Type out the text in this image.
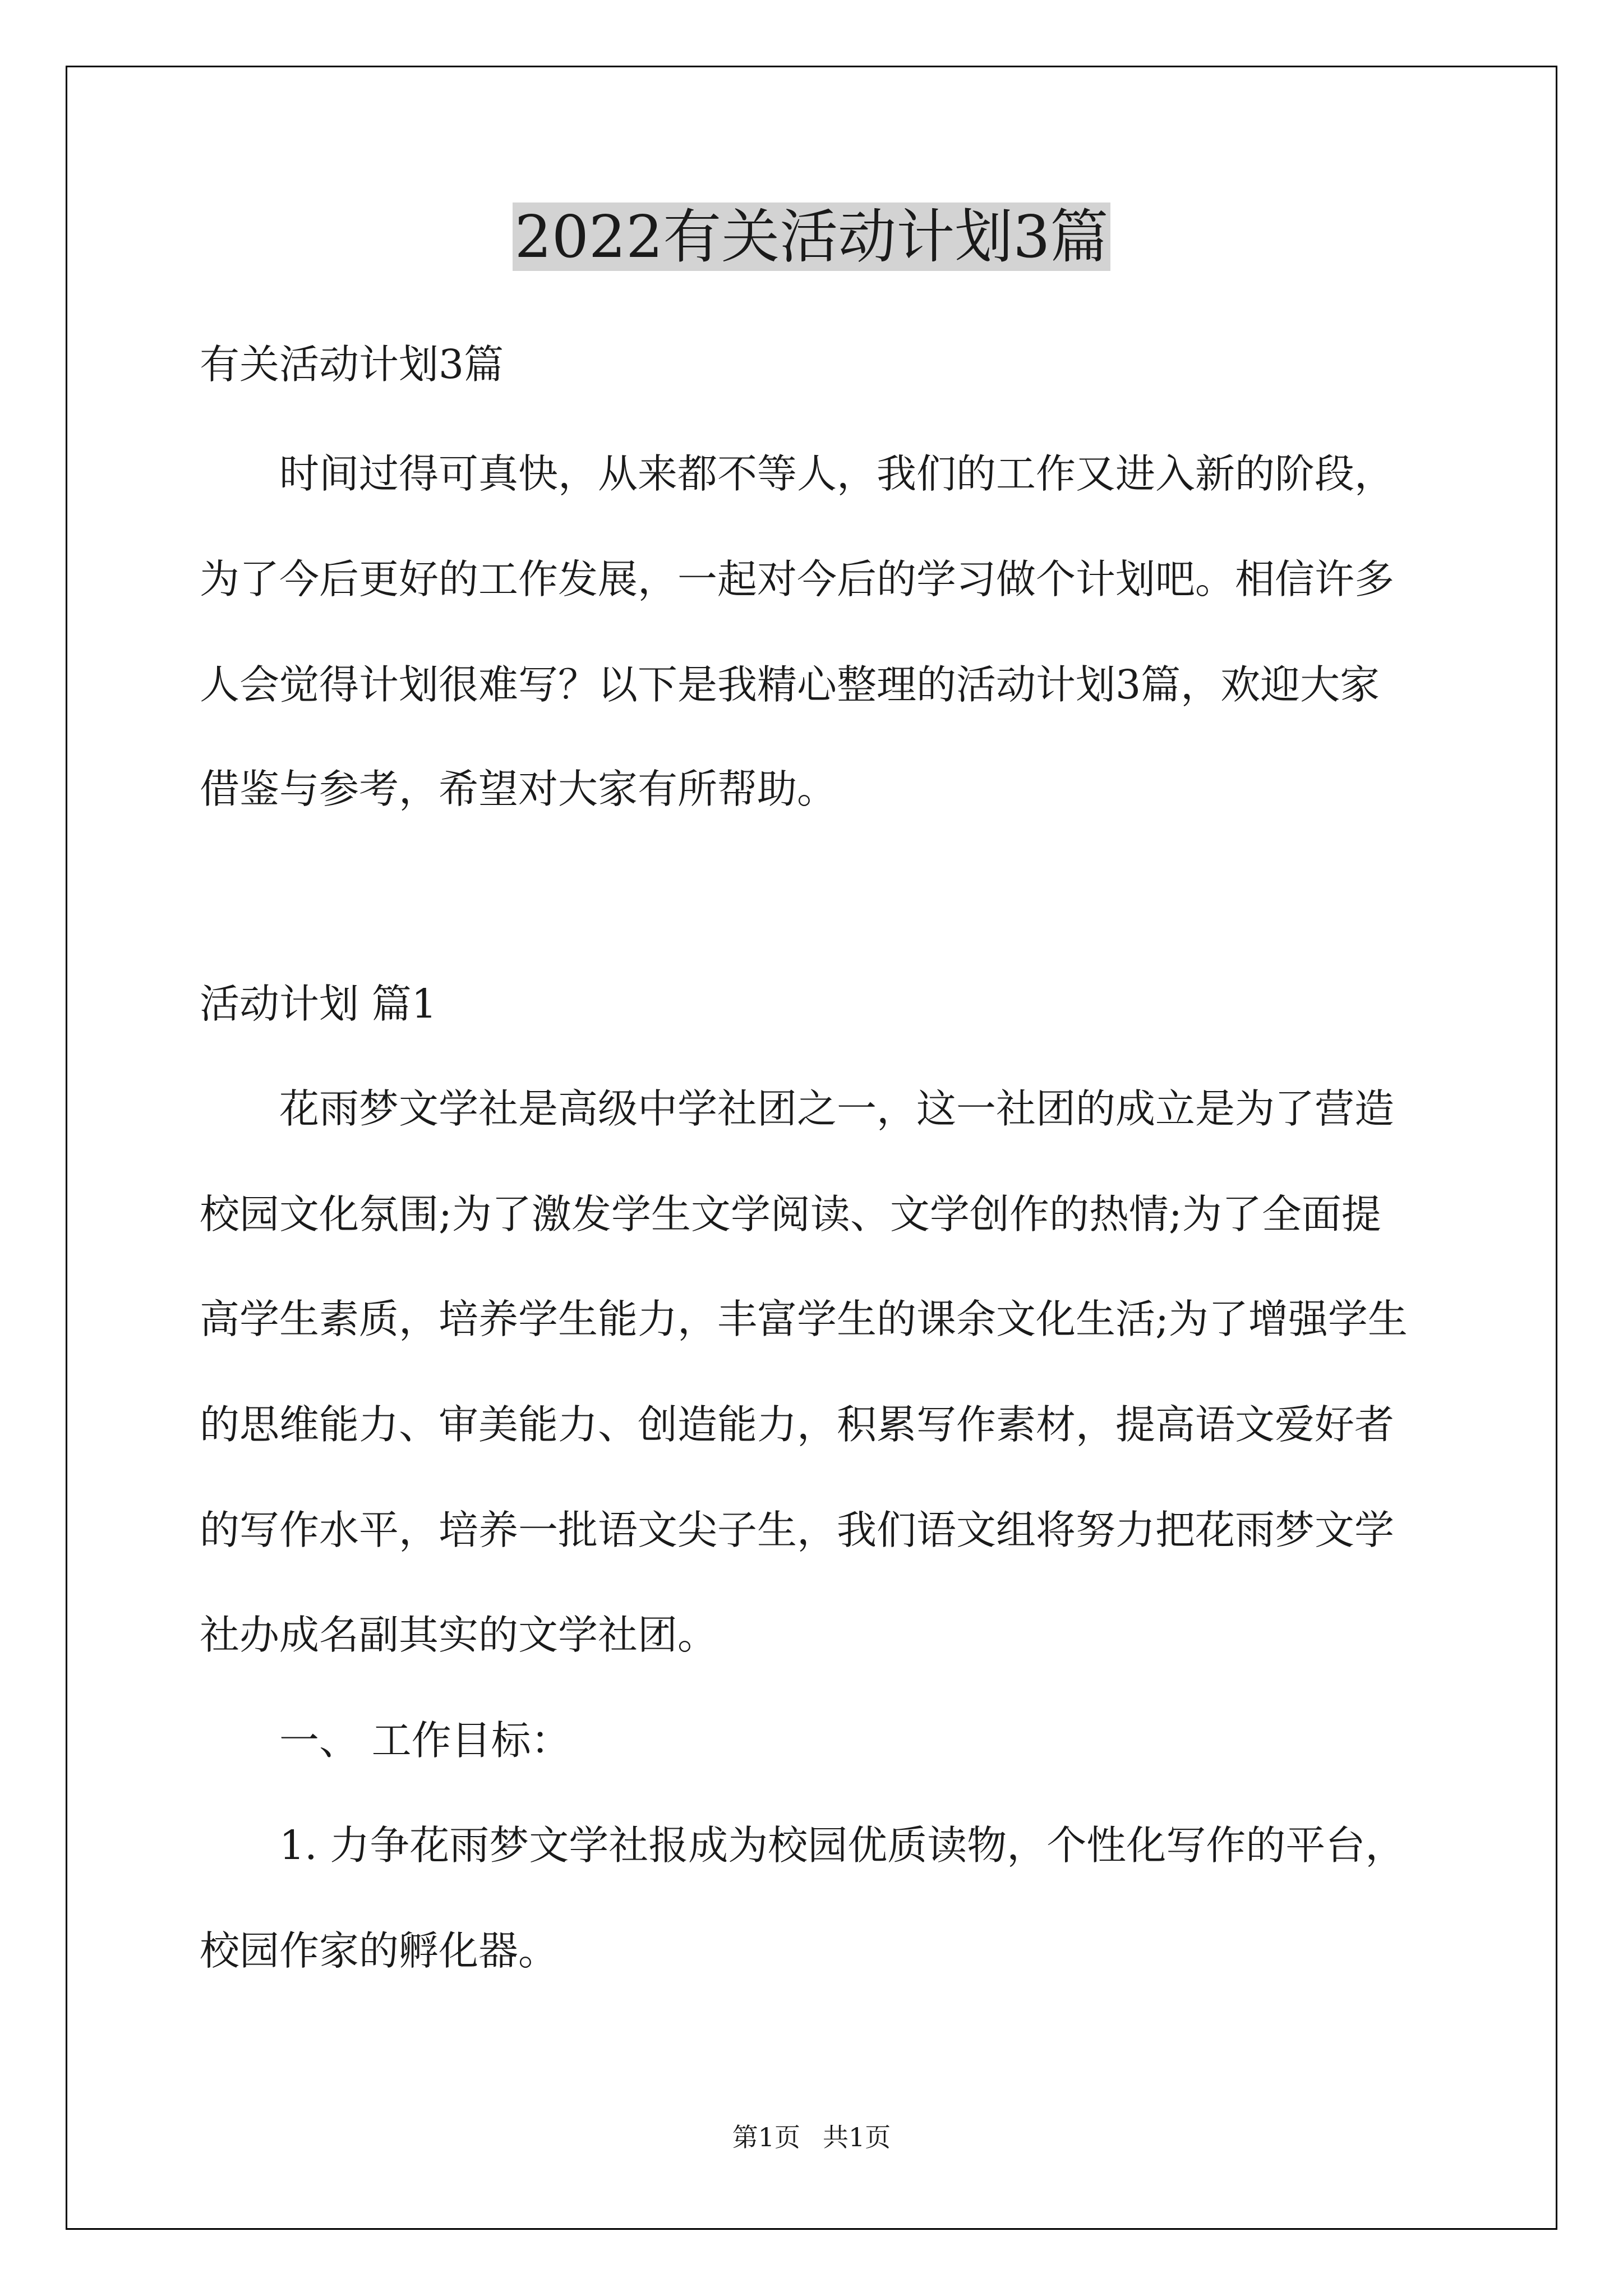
2022有关活动计划3篇

有关活动计划3篇

　　时间过得可真快，从来都不等人，我们的工作又进入新的阶段，

为了今后更好的工作发展，一起对今后的学习做个计划吧。相信许多

人会觉得计划很难写？以下是我精心整理的活动计划3篇，欢迎大家

借鉴与参考，希望对大家有所帮助。

活动计划 篇1

　　花雨梦文学社是高级中学社团之一，这一社团的成立是为了营造

校园文化氛围;为了激发学生文学阅读、文学创作的热情;为了全面提

高学生素质，培养学生能力，丰富学生的课余文化生活;为了增强学生

的思维能力、审美能力、创造能力，积累写作素材，提高语文爱好者

的写作水平，培养一批语文尖子生，我们语文组将努力把花雨梦文学

社办成名副其实的文学社团。

　　一、 工作目标：

　　1. 力争花雨梦文学社报成为校园优质读物，个性化写作的平台，

校园作家的孵化器。

第1页 共1页
